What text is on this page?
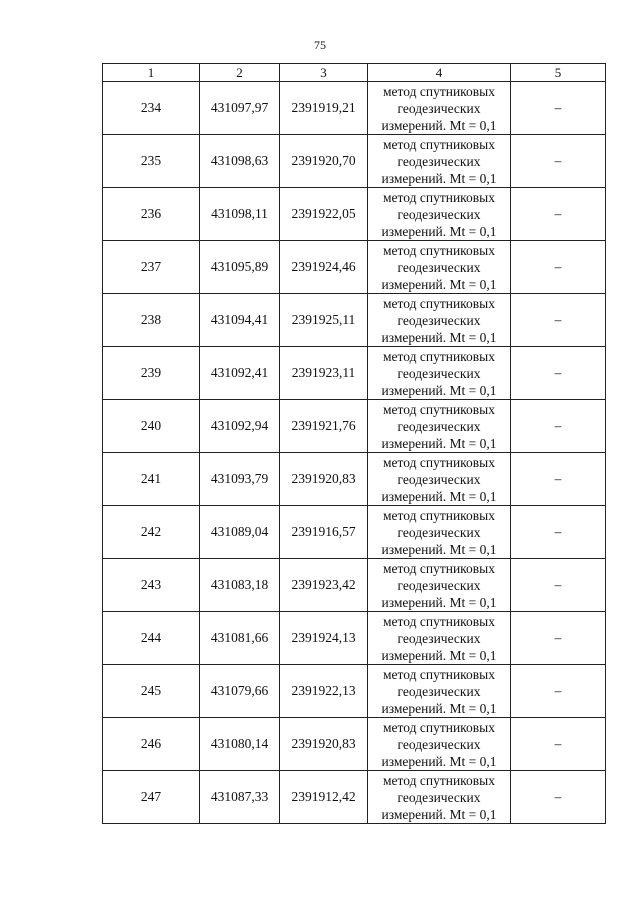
75
1	2	3	4	5
234	431097,97	2391919,21	метод спутниковых
геодезических
измерений. Mt = 0,1	–
235	431098,63	2391920,70	метод спутниковых
геодезических
измерений. Mt = 0,1	–
236	431098,11	2391922,05	метод спутниковых
геодезических
измерений. Mt = 0,1	–
237	431095,89	2391924,46	метод спутниковых
геодезических
измерений. Mt = 0,1	–
238	431094,41	2391925,11	метод спутниковых
геодезических
измерений. Mt = 0,1	–
239	431092,41	2391923,11	метод спутниковых
геодезических
измерений. Mt = 0,1	–
240	431092,94	2391921,76	метод спутниковых
геодезических
измерений. Mt = 0,1	–
241	431093,79	2391920,83	метод спутниковых
геодезических
измерений. Mt = 0,1	–
242	431089,04	2391916,57	метод спутниковых
геодезических
измерений. Mt = 0,1	–
243	431083,18	2391923,42	метод спутниковых
геодезических
измерений. Mt = 0,1	–
244	431081,66	2391924,13	метод спутниковых
геодезических
измерений. Mt = 0,1	–
245	431079,66	2391922,13	метод спутниковых
геодезических
измерений. Mt = 0,1	–
246	431080,14	2391920,83	метод спутниковых
геодезических
измерений. Mt = 0,1	–
247	431087,33	2391912,42	метод спутниковых
геодезических
измерений. Mt = 0,1	–
